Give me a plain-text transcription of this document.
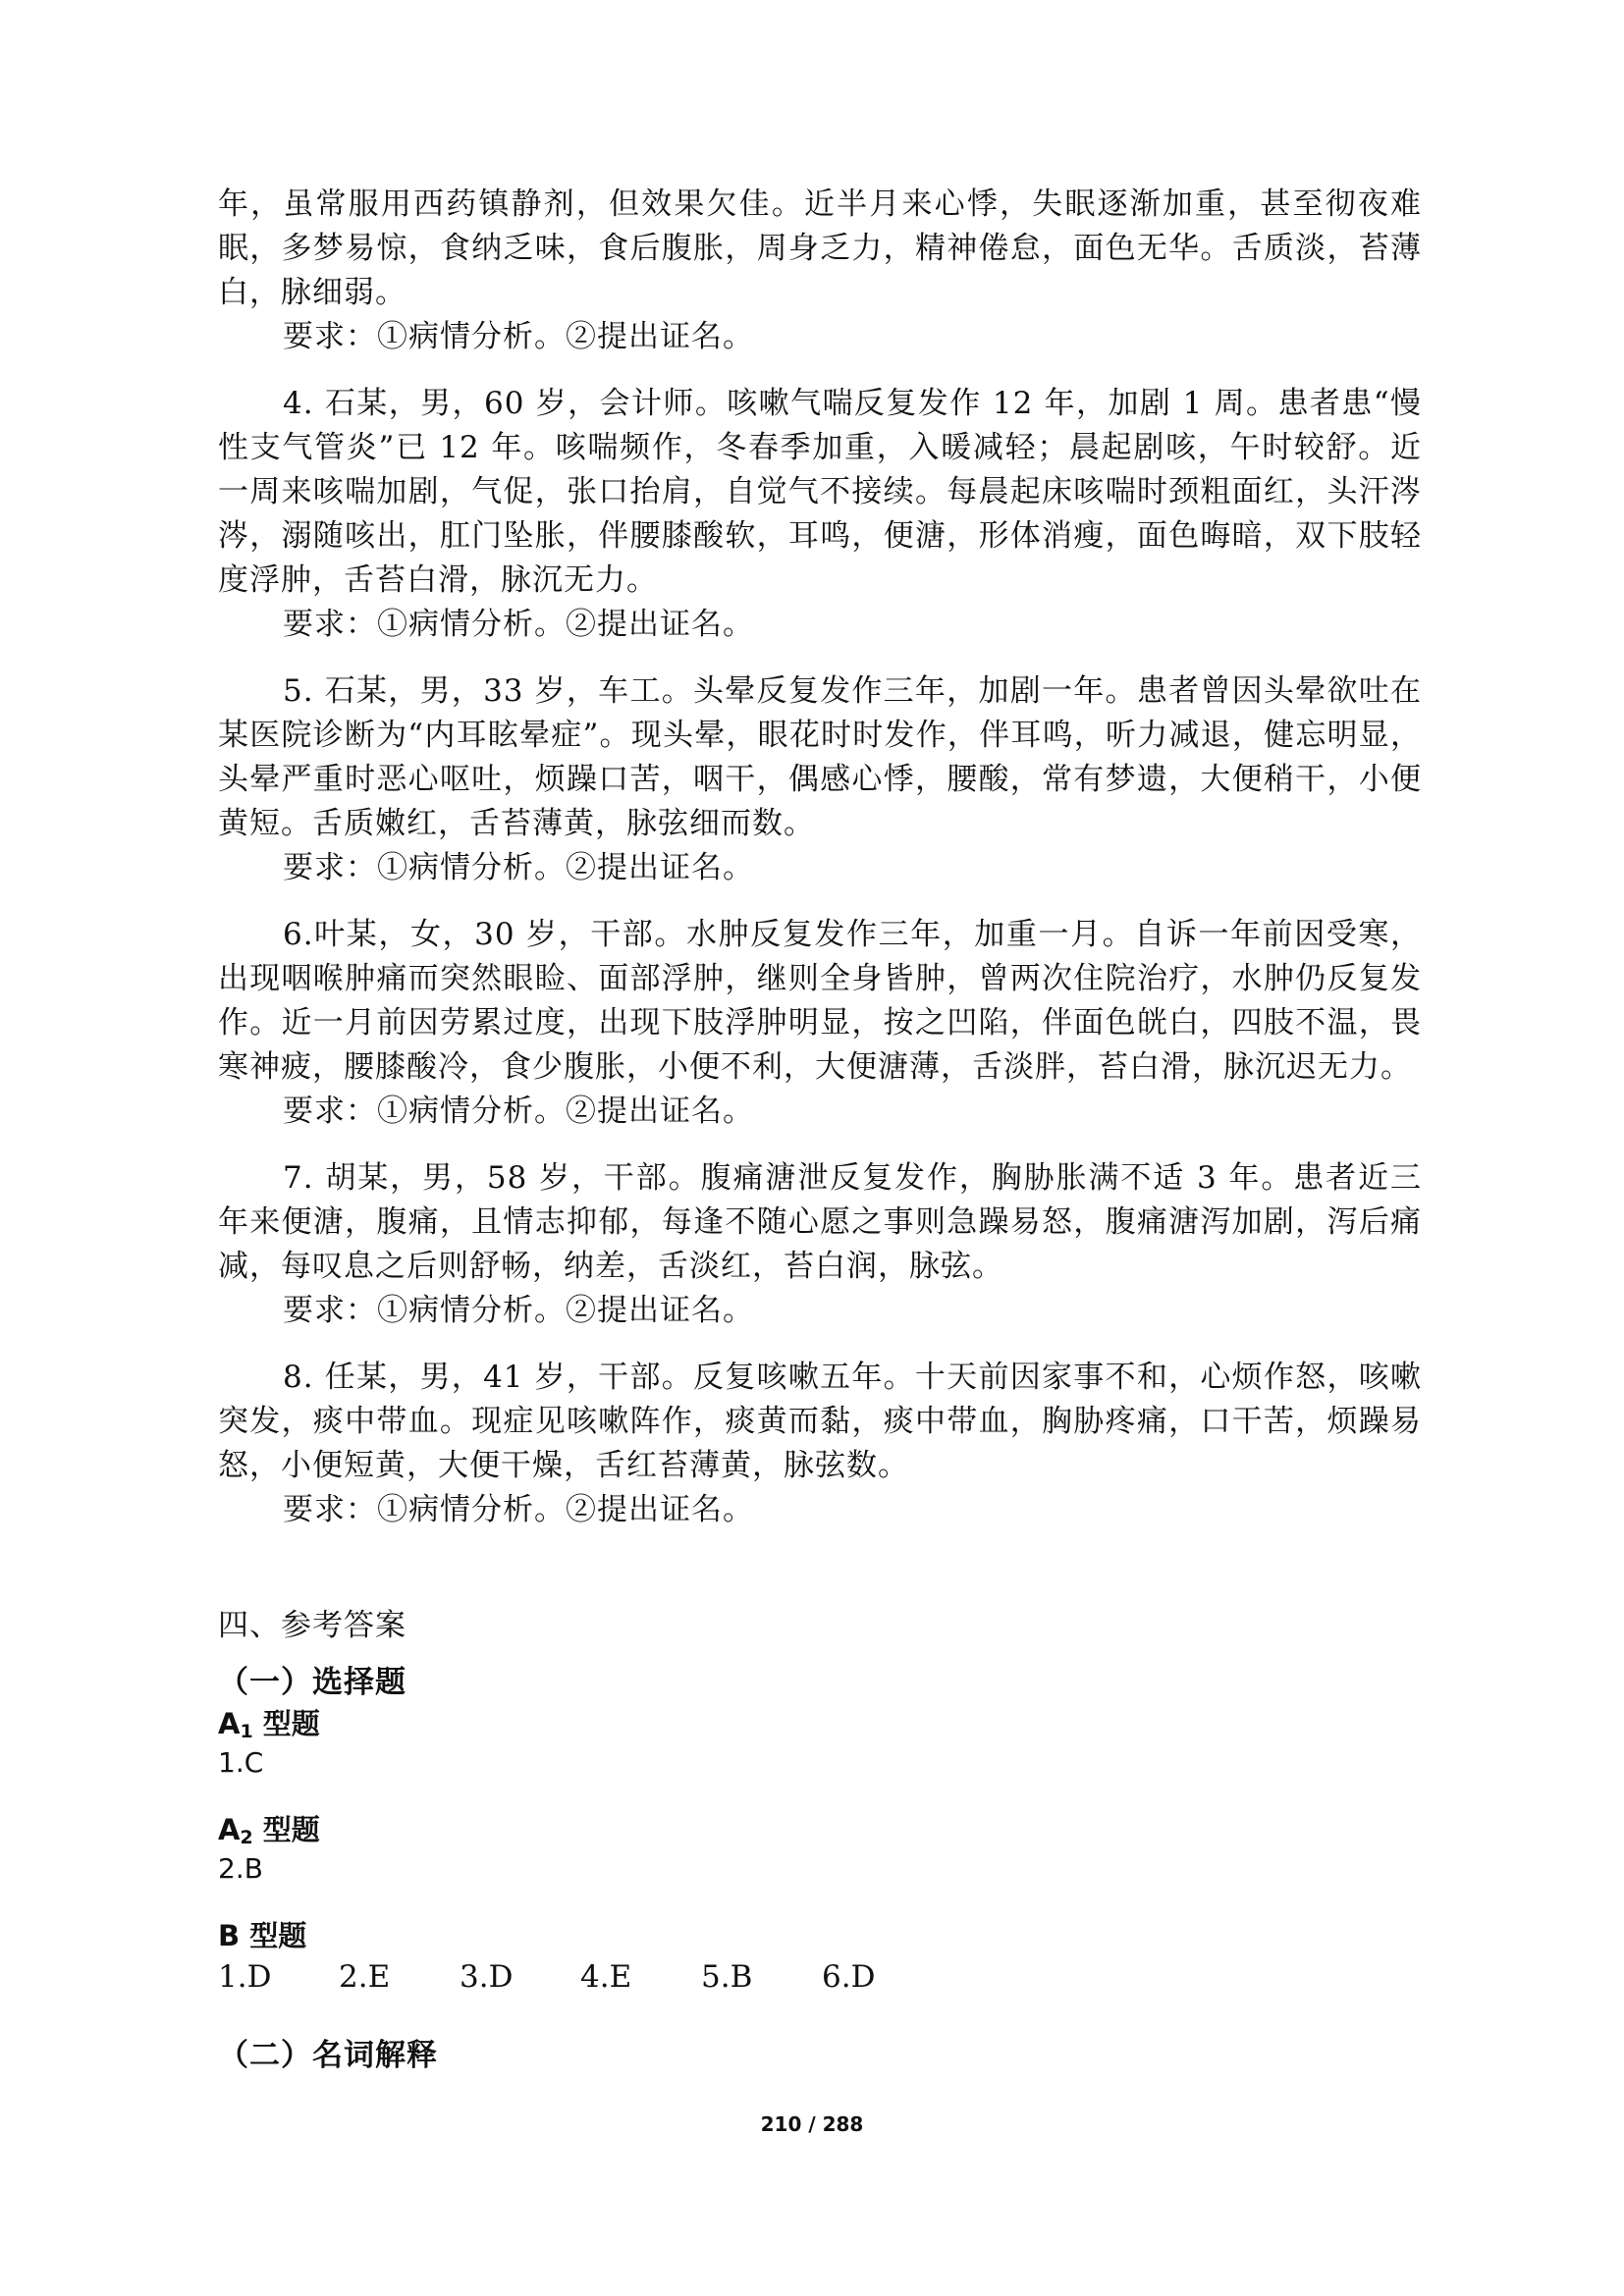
年，虽常服用西药镇静剂，但效果欠佳。近半月来心悸，失眠逐渐加重，甚至彻夜难眠，多梦易惊，食纳乏味，食后腹胀，周身乏力，精神倦怠，面色无华。舌质淡，苔薄白，脉细弱。

要求：①病情分析。②提出证名。

4. 石某，男，60 岁，会计师。咳嗽气喘反复发作 12 年，加剧 1 周。患者患“慢性支气管炎”已 12 年。咳喘频作，冬春季加重，入暖减轻；晨起剧咳，午时较舒。近一周来咳喘加剧，气促，张口抬肩，自觉气不接续。每晨起床咳喘时颈粗面红，头汗涔涔，溺随咳出，肛门坠胀，伴腰膝酸软，耳鸣，便溏，形体消瘦，面色晦暗，双下肢轻度浮肿，舌苔白滑，脉沉无力。

要求：①病情分析。②提出证名。

5. 石某，男，33 岁，车工。头晕反复发作三年，加剧一年。患者曾因头晕欲吐在某医院诊断为“内耳眩晕症”。现头晕，眼花时时发作，伴耳鸣，听力减退，健忘明显，头晕严重时恶心呕吐，烦躁口苦，咽干，偶感心悸，腰酸，常有梦遗，大便稍干，小便黄短。舌质嫩红，舌苔薄黄，脉弦细而数。

要求：①病情分析。②提出证名。

6.叶某，女，30 岁，干部。水肿反复发作三年，加重一月。自诉一年前因受寒，出现咽喉肿痛而突然眼睑、面部浮肿，继则全身皆肿，曾两次住院治疗，水肿仍反复发作。近一月前因劳累过度，出现下肢浮肿明显，按之凹陷，伴面色㿠白，四肢不温，畏寒神疲，腰膝酸冷，食少腹胀，小便不利，大便溏薄，舌淡胖，苔白滑，脉沉迟无力。

要求：①病情分析。②提出证名。

7. 胡某，男，58 岁，干部。腹痛溏泄反复发作，胸胁胀满不适 3 年。患者近三年来便溏，腹痛，且情志抑郁，每逢不随心愿之事则急躁易怒，腹痛溏泻加剧，泻后痛减，每叹息之后则舒畅，纳差，舌淡红，苔白润，脉弦。

要求：①病情分析。②提出证名。

8. 任某，男，41 岁，干部。反复咳嗽五年。十天前因家事不和，心烦作怒，咳嗽突发，痰中带血。现症见咳嗽阵作，痰黄而黏，痰中带血，胸胁疼痛，口干苦，烦躁易怒，小便短黄，大便干燥，舌红苔薄黄，脉弦数。

要求：①病情分析。②提出证名。

四、参考答案

（一）选择题

$A_1$ 型题

1.C

$A_2$ 型题

2.B

B 型题

1.D	2.E	3.D	4.E	5.B	6.D

（二）名词解释

210 / 288
